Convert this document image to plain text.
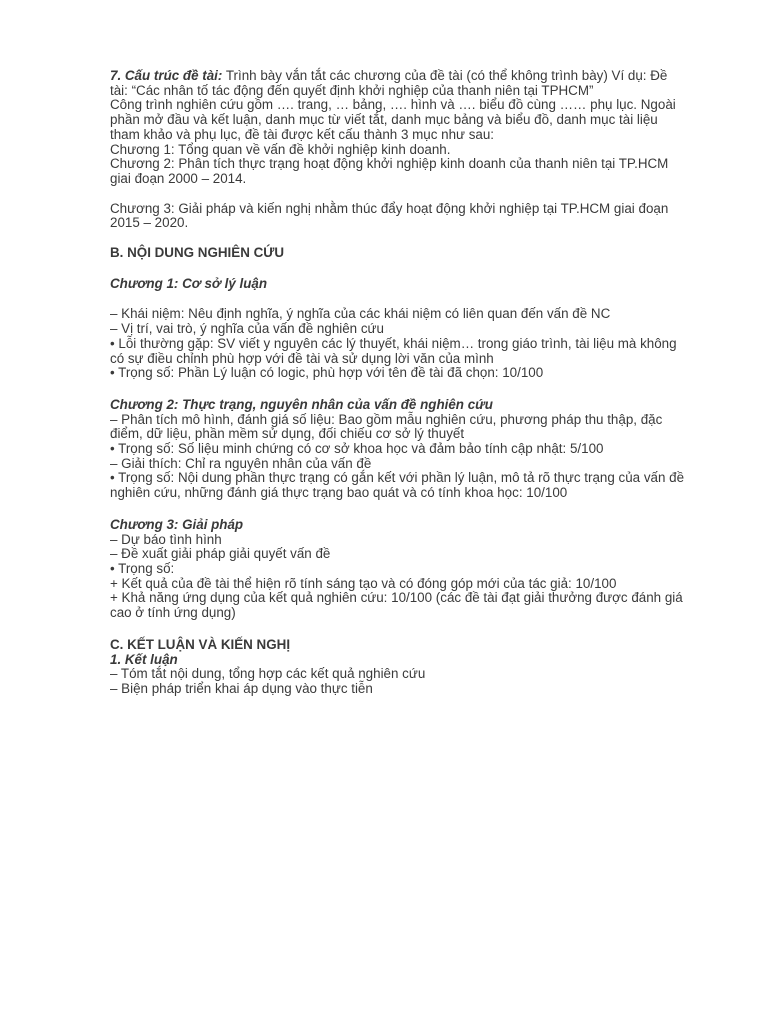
7. Cấu trúc đề tài: Trình bày vắn tắt các chương của đề tài (có thể không trình bày) Ví dụ: Đề
tài: “Các nhân tố tác động đến quyết định khởi nghiệp của thanh niên tại TPHCM”
Công trình nghiên cứu gồm …. trang, … bảng, …. hình và …. biểu đồ cùng …… phụ lục. Ngoài
phần mở đầu và kết luận, danh mục từ viết tắt, danh mục bảng và biểu đồ, danh mục tài liệu
tham khảo và phụ lục, đề tài được kết cấu thành 3 mục như sau:
Chương 1: Tổng quan về vấn đề khởi nghiệp kinh doanh.
Chương 2: Phân tích thực trạng hoạt động khởi nghiệp kinh doanh của thanh niên tại TP.HCM
giai đoạn 2000 – 2014.
Chương 3: Giải pháp và kiến nghị nhằm thúc đẩy hoạt động khởi nghiệp tại TP.HCM giai đoạn
2015 – 2020.
B. NỘI DUNG NGHIÊN CỨU
Chương 1: Cơ sở lý luận
– Khái niệm: Nêu định nghĩa, ý nghĩa của các khái niệm có liên quan đến vấn đề NC
– Vị trí, vai trò, ý nghĩa của vấn đề nghiên cứu
• Lỗi thường gặp: SV viết y nguyên các lý thuyết, khái niệm… trong giáo trình, tài liệu mà không
có sự điều chỉnh phù hợp với đề tài và sử dụng lời văn của mình
• Trọng số: Phần Lý luận có logic, phù hợp với tên đề tài đã chọn: 10/100
Chương 2: Thực trạng, nguyên nhân của vấn đề nghiên cứu
– Phân tích mô hình, đánh giá số liệu: Bao gồm mẫu nghiên cứu, phương pháp thu thập, đặc
điểm, dữ liệu, phần mềm sử dụng, đối chiếu cơ sở lý thuyết
• Trọng số: Số liệu minh chứng có cơ sở khoa học và đảm bảo tính cập nhật: 5/100
– Giải thích: Chỉ ra nguyên nhân của vấn đề
• Trọng số: Nội dung phần thực trạng có gắn kết với phần lý luận, mô tả rõ thực trạng của vấn đề
nghiên cứu, những đánh giá thực trạng bao quát và có tính khoa học: 10/100
Chương 3: Giải pháp
– Dự báo tình hình
– Đề xuất giải pháp giải quyết vấn đề
• Trọng số:
+ Kết quả của đề tài thể hiện rõ tính sáng tạo và có đóng góp mới của tác giả: 10/100
+ Khả năng ứng dụng của kết quả nghiên cứu: 10/100 (các đề tài đạt giải thưởng được đánh giá
cao ở tính ứng dụng)
C. KẾT LUẬN VÀ KIẾN NGHỊ
1. Kết luận
– Tóm tắt nội dung, tổng hợp các kết quả nghiên cứu
– Biện pháp triển khai áp dụng vào thực tiễn
